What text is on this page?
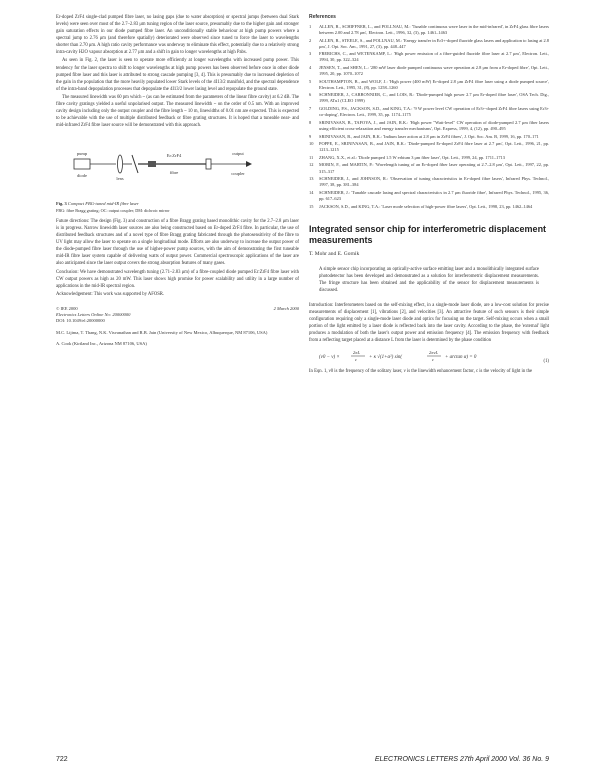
Er-doped ZrF4 single-clad pumped fibre laser, no lasing gaps (due to water absorption) or spectral jumps (between dual Stark levels) were seen over most of the 2.7–2.83 μm tuning region of the laser source, presumably due to the higher gain and stronger gain saturation effects in our diode pumped fibre laser. An unconditionally stable behaviour at high pump powers where a spectral jump to 2.76 μm (and therefore spatially) deteriorated were observed since tuned to force the laser to wavelengths shorter than 2.70 μm. A high ratio cavity performance was underway to eliminate this effect, potentially due to a relatively strong intra-cavity H2O vapour absorption at 2.77 μm and a shift in gain to longer wavelengths at high Pabs.

As seen in Fig. 2, the laser is seen to operate more efficiently at longer wavelengths with increased pump power. This tendency for the laser spectra to shift to longer wavelengths at high pump powers has been observed before once in other diode pumped fibre laser and this laser is attributed to strong cascade pumping [3, 4]. This is presumably due to increased depletion of the gain in the population that the more heavily populated lower Stark levels of the 4I13/2 manifold, and the spectral dependence of the intra-band depopulation processes that depopulate the 4I13/2 lower lasing level and repopulate the ground state.

The measured linewidth was 60 pm which ~ (as can be estimated from the parameters of the linear fibre cavity) at 6.2 dB. The fibre cavity gratings yielded a useful unpolarised output. The measured linewidth ~ on the order of 0.5 nm. With an improved cavity design including only the output coupler and the fibre length ~ 10 m, linewidths of 0.01 nm are expected. This is expected to be achievable with the use of multiple distributed feedback or fibre grating structures. It is hoped that a tuneable near- and mid-infrared ZrF4 fibre laser source will be demonstrated with this approach.

pump
diode
lens
Er:ZrF4
fibre
output
coupler

Fig. 3 Compact FBG-tuned mid-IR fibre laser

FBG: fibre Bragg grating; OC: output coupler; DM: dichroic mirror

Future directions: The design (Fig. 3) and construction of a fibre Bragg grating based monolithic cavity for the 2.7–2.8 μm laser is in progress. Narrow linewidth laser sources are also being constructed based on Er-doped ZrF4 fibre. In particular, the use of distributed feedback structures and of a novel type of fibre Bragg grating fabricated through the photosensitivity of the fibre to UV light may allow the laser to operate on a single longitudinal mode. Efforts are also underway to increase the output power of the diode-pumped fibre laser through the use of higher-power pump sources, with the aim of demonstrating the first tuneable mid-IR fibre laser system capable of delivering watts of output power. Commercial spectroscopic applications of the laser are also anticipated since the laser output covers the strong absorption features of many gases.

Conclusion: We have demonstrated wavelength tuning (2.71–2.83 μm) of a fibre-coupled diode pumped Er:ZrF4 fibre laser with CW output powers as high as 20 mW. This laser shows high promise for power scalability and utility in a large number of applications in the mid-IR spectral region.

Acknowledgement: This work was supported by AFOSR.

© IEE 2000	2 March 2000
Electronics Letters Online No: 20000000
DOI: 10.1049/el:20000000
M.C. Lijima, T. Thang, N.K. Visvanathan and R.B. Jain (University of New Mexico, Albuquerque, NM 87106, USA)
A. Cook (Kirtland Inc., Arizona NM 87106, USA)
References
1	ALLEN, R., SCHIFFNER, L., and POLLNAU, M.: 'Tunable continuous wave laser in the mid-infrared', in ZrF4 glass fibre lasers between 2.00 and 2.78 μm', Electron. Lett., 1996, 32, (3), pp. 1461–1463
2	ALLEN, R., STEELE, S., and POLLNAU, M.: 'Energy transfer in Er3+-doped fluoride glass lasers and application to lasing at 2.8 μm', J. Opt. Soc. Am., 1991, 27, (3), pp. 448–447
3	FRERICHS, C., and WETENKAMP, L.: 'High power emission of a fibre-guided fluoride fibre laser at 2.7 μm', Electron. Lett., 1994, 30, pp. 322–324
4	JENSEN, T., and SHEN, L.: '280 mW laser diode pumped continuous wave operation at 2.8 μm from a Er-doped fibre', Opt. Lett., 1995, 20, pp. 1070–1072
5	SOUTHAMPTON, B., and WOLF, J.: 'High power (400 mW) Er-doped 2.8 μm ZrF4 fibre laser using a diode pumped source', Electron. Lett., 1995, 31, (8), pp. 1258–1260
6	SCHNEIDER, J., CARBONNIER, C., and LOIS, R.: 'Diode-pumped high power 2.7 μm Er-doped fibre laser', OSA Tech. Dig., 1999, ATu1 (CLEO 1999)
7	GOLDING, P.S., JACKSON, S.D., and KING, T.A.: '9 W power level CW operation of Er3+-doped ZrF4 fibre lasers using Er3+ co-doping', Electron. Lett., 1999, 35, pp. 1174–1175
8	SRINIVASAN, B., TAFOYA, J., and JAIN, R.K.: 'High power "Watt-level" CW operation of diode-pumped 2.7 μm fiber lasers using efficient cross-relaxation and energy transfer mechanisms', Opt. Express, 1999, 4, (12), pp. 490–495
9	SRINIVASAN, B., and JAIN, R.K.: 'Indium laser action at 2.8 μm in ZrF4 fibres', J. Opt. Soc. Am. B, 1999, 16, pp. 170–171
10	POPPE, E., SRINIVASAN, B., and JAIN, R.K.: 'Diode-pumped Er-doped ZrF4 fibre laser at 2.7 μm', Opt. Lett., 1996, 21, pp. 1213–1215
11	ZHANG, X.X., et al.: 'Diode pumped 1.5 W erbium 3 μm fiber laser', Opt. Lett., 1999, 24, pp. 1711–1713
12	MORIN, F., and MARTIN, P.: 'Wavelength tuning of an Er-doped fiber laser operating at 2.7–2.8 μm', Opt. Lett., 1997, 22, pp. 315–317
13	SCHNEIDER, J., and JOHNSON, R.: 'Observation of tuning characteristics in Er-doped fibre lasers', Infrared Phys. Technol., 1997, 38, pp. 381–384
14	SCHNEIDER, J.: 'Tunable cascade lasing and spectral characteristics in 2.7 μm fluoride fibre', Infrared Phys. Technol., 1995, 36, pp. 617–623
15	JACKSON, S.D., and KING, T.A.: 'Laser mode selection of high-power fibre lasers', Opt. Lett., 1998, 23, pp. 1462–1464
Integrated sensor chip for interferometric displacement measurements
T. Mohr and E. Gornik

A simple sensor chip incorporating an optically-active surface emitting laser and a monolithically integrated surface photodetector has been developed and demonstrated as a solution for interferometric displacement measurements. The fringe structure has been obtained and the applicability of the sensor for displacement measurements is discussed.

Introduction: Interferometers based on the self-mixing effect, in a single-mode laser diode, are a low-cost solution for precise measurements of displacement [1], vibrations [2], and velocities [3]. An attractive feature of such sensors is their simple configuration requiring only a single-mode laser diode and optics for focusing on the target. Self-mixing occurs when a small portion of the light emitted by a laser diode is reflected back into the laser cavity. According to the phase, the 'external' light produces a modulation of both the laser's output power and emission frequency [4]. The emission frequency with feedback from a reflecting target placed at a distance L from the laser is determined by the phase condition

(ν0 − ν) ×
2πL
c + κ √(1+α²) sin(
2πνL
c + arctan α) = 0
(1)

In Eqn. 1, ν0 is the frequency of the solitary laser, ν is the linewidth enhancement factor, c is the velocity of light in the

722	ELECTRONICS LETTERS 27th April 2000 Vol. 36 No. 9
